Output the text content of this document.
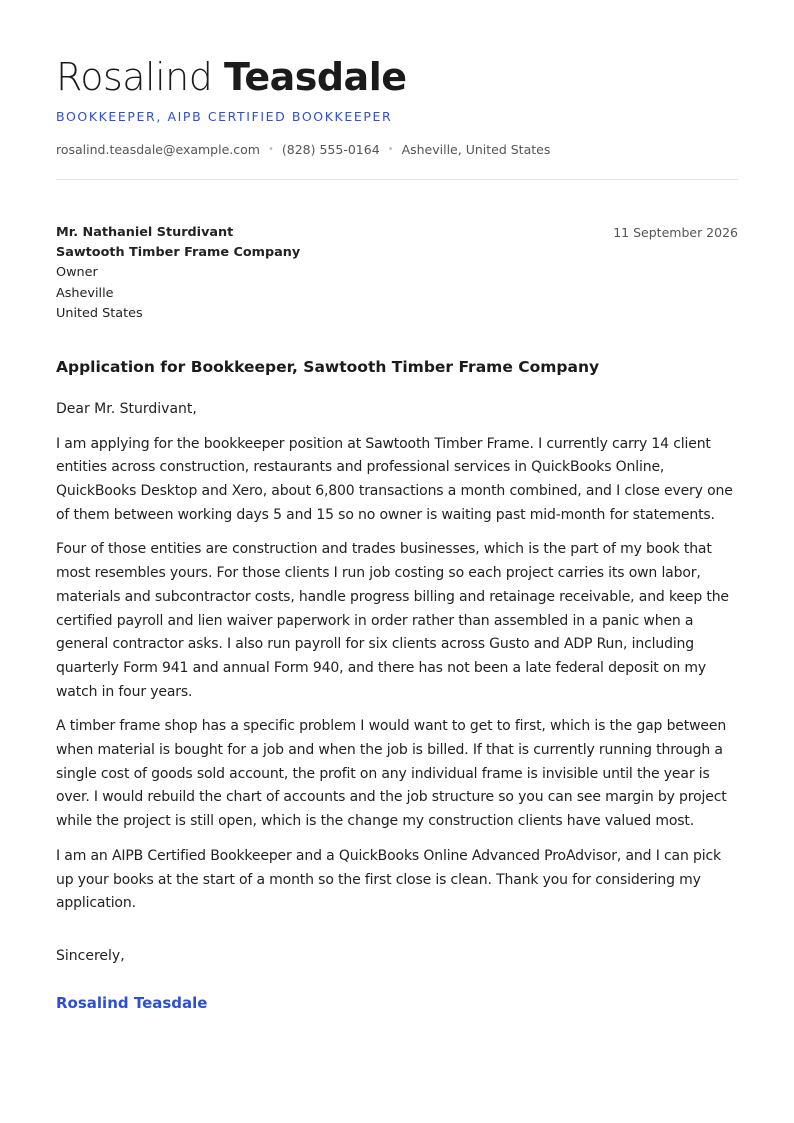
Rosalind Teasdale
BOOKKEEPER, AIPB CERTIFIED BOOKKEEPER
rosalind.teasdale@example.com • (828) 555-0164 • Asheville, United States
Mr. Nathaniel Sturdivant
Sawtooth Timber Frame Company
Owner
Asheville
United States
11 September 2026
Application for Bookkeeper, Sawtooth Timber Frame Company
Dear Mr. Sturdivant,
I am applying for the bookkeeper position at Sawtooth Timber Frame. I currently carry 14 client entities across construction, restaurants and professional services in QuickBooks Online, QuickBooks Desktop and Xero, about 6,800 transactions a month combined, and I close every one of them between working days 5 and 15 so no owner is waiting past mid-month for statements.
Four of those entities are construction and trades businesses, which is the part of my book that most resembles yours. For those clients I run job costing so each project carries its own labor, materials and subcontractor costs, handle progress billing and retainage receivable, and keep the certified payroll and lien waiver paperwork in order rather than assembled in a panic when a general contractor asks. I also run payroll for six clients across Gusto and ADP Run, including quarterly Form 941 and annual Form 940, and there has not been a late federal deposit on my watch in four years.
A timber frame shop has a specific problem I would want to get to first, which is the gap between when material is bought for a job and when the job is billed. If that is currently running through a single cost of goods sold account, the profit on any individual frame is invisible until the year is over. I would rebuild the chart of accounts and the job structure so you can see margin by project while the project is still open, which is the change my construction clients have valued most.
I am an AIPB Certified Bookkeeper and a QuickBooks Online Advanced ProAdvisor, and I can pick up your books at the start of a month so the first close is clean. Thank you for considering my application.
Sincerely,
Rosalind Teasdale
